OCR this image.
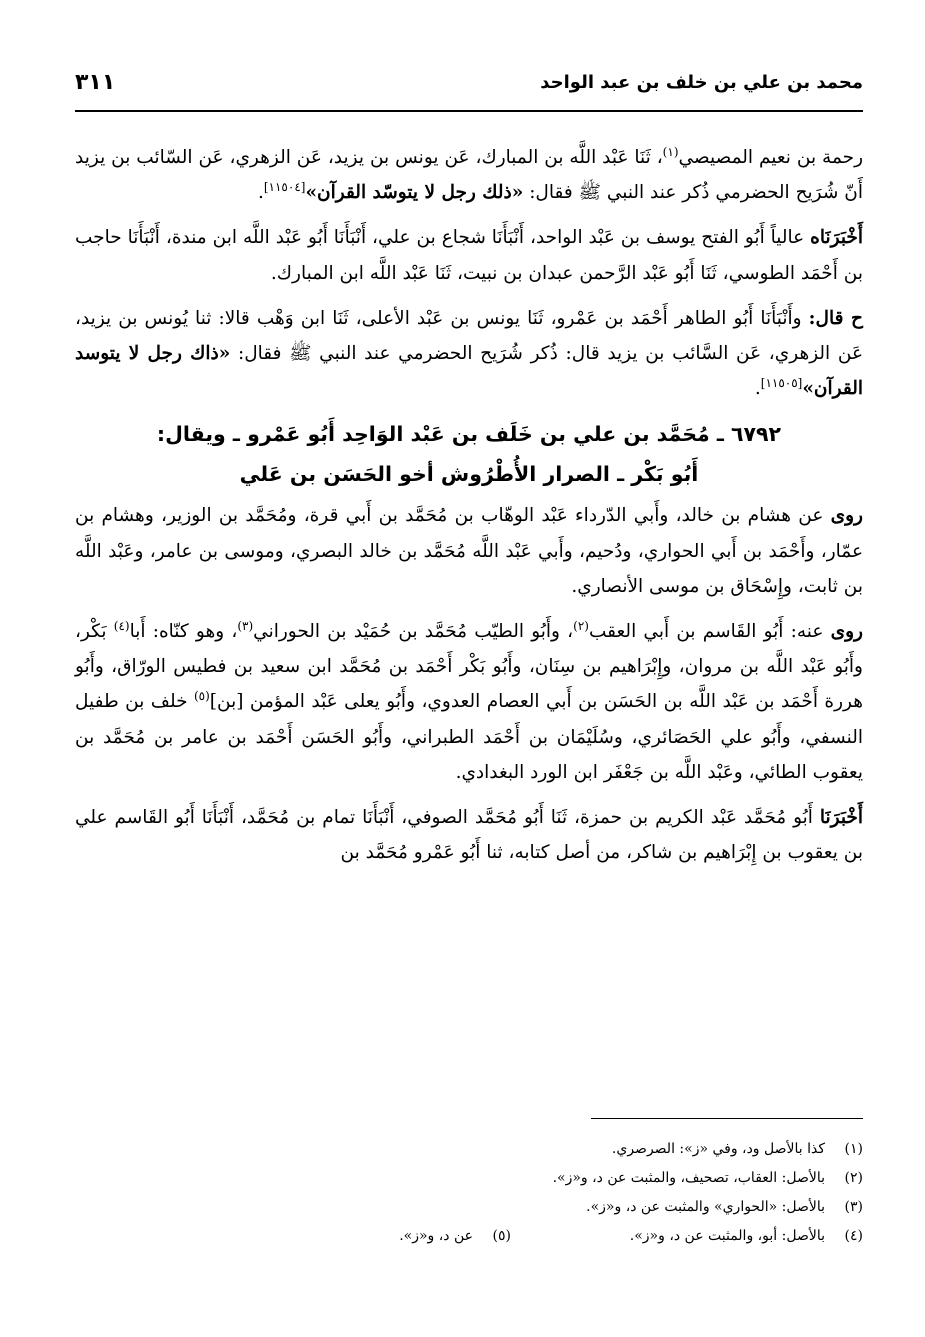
محمد بن علي بن خلف بن عبد الواحد
٣١١

رحمة بن نعيم المصيصي$^{(١)}$، ثَنَا عَبْد اللَّه بن المبارك، عَن يونس بن يزيد، عَن الزهري، عَن السّائب بن يزيد أَنّ شُرَيح الحضرمي ذُكر عند النبي ﷺ فقال: «ذلك رجل لا يتوسّد القرآن»[١١٥٠٤].

أَخْبَرَنَاه عالياً أَبُو الفتح يوسف بن عَبْد الواحد، أَنْبَأَنَا شجاع بن علي، أَنْبَأَنَا أَبُو عَبْد اللَّه ابن مندة، أَنْبَأَنَا حاجب بن أَحْمَد الطوسي، ثَنَا أَبُو عَبْد الرَّحمن عبدان بن نبيت، ثَنَا عَبْد اللَّه ابن المبارك.

ح قال: وأَنْبَأَنَا أَبُو الطاهر أَحْمَد بن عَمْرو، ثَنَا يونس بن عَبْد الأعلى، ثَنَا ابن وَهْب قالا: ثنا يُونس بن يزيد، عَن الزهري، عَن السَّائب بن يزيد قال: ذُكر شُرَيح الحضرمي عند النبي ﷺ فقال: «ذاك رجل لا يتوسد القرآن»[١١٥٠٥].

٦٧٩٢ ـ مُحَمَّد بن علي بن خَلَف بن عَبْد الوَاحِد أَبُو عَمْرو ـ ويقال:
أَبُو بَكْر ـ الصرار الأُطْرُوش أخو الحَسَن بن عَلي

روى عن هشام بن خالد، وأَبي الدّرداء عَبْد الوهّاب بن مُحَمَّد بن أَبي قرة، ومُحَمَّد بن الوزير، وهشام بن عمّار، وأَحْمَد بن أَبي الحواري، ودُحيم، وأَبي عَبْد اللَّه مُحَمَّد بن خالد البصري، وموسى بن عامر، وعَبْد اللَّه بن ثابت، وإِسْحَاق بن موسى الأنصاري.

روى عنه: أَبُو القَاسم بن أَبي العقب$^{(٢)}$، وأَبُو الطيّب مُحَمَّد بن حُمَيْد بن الحوراني$^{(٣)}$، وهو كنّاه: أَبا$^{(٤)}$ بَكْر، وأَبُو عَبْد اللَّه بن مروان، وإِبْرَاهيم بن سِنَان، وأَبُو بَكْر أَحْمَد بن مُحَمَّد ابن سعيد بن فطيس الورّاق، وأَبُو هررة أَحْمَد بن عَبْد اللَّه بن الحَسَن بن أَبي العصام العدوي، وأَبُو يعلى عَبْد المؤمن [بن]$^{(٥)}$ خلف بن طفيل النسفي، وأَبُو علي الحَصَائري، وسُلَيْمَان بن أَحْمَد الطبراني، وأَبُو الحَسَن أَحْمَد بن عامر بن مُحَمَّد بن يعقوب الطائي، وعَبْد اللَّه بن جَعْفَر ابن الورد البغدادي.

أَخْبَرَنَا أَبُو مُحَمَّد عَبْد الكريم بن حمزة، ثَنَا أَبُو مُحَمَّد الصوفي، أَنْبَأَنَا تمام بن مُحَمَّد، أَنْبَأَنَا أَبُو القَاسم علي بن يعقوب بن إِبْرَاهيم بن شاكر، من أصل كتابه، ثنا أَبُو عَمْرو مُحَمَّد بن

(١)كذا بالأصل ود، وفي «ز»: الصرصري.

(٢)بالأصل: العقاب، تصحيف، والمثبت عن د، و«ز».

(٣)بالأصل: «الحواري» والمثبت عن د، و«ز».

(٤)بالأصل: أبو، والمثبت عن د، و«ز».

(٥)عن د، و«ز».
